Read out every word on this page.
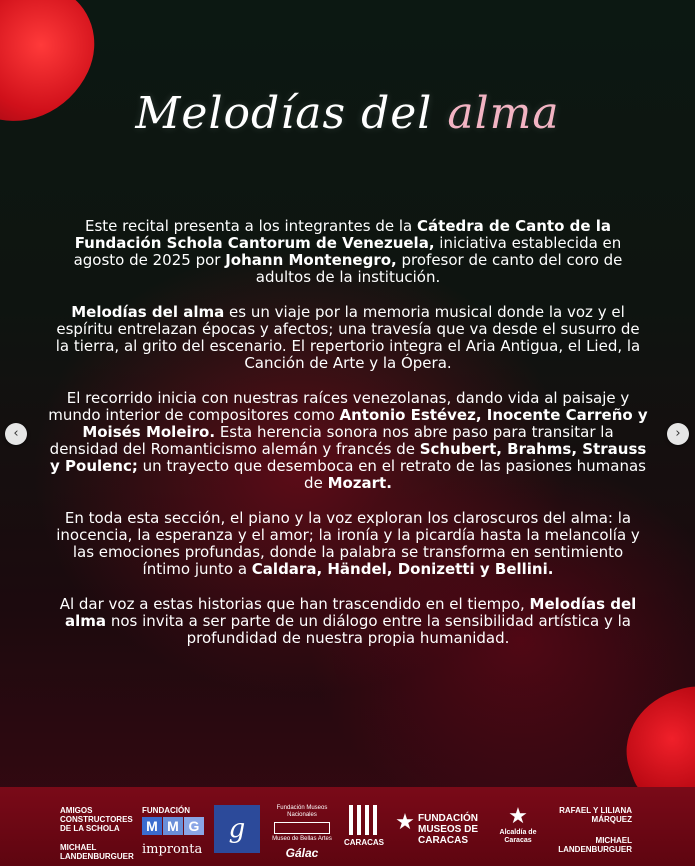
Melodías del alma

Este recital presenta a los integrantes de la Cátedra de Canto de la Fundación Schola Cantorum de Venezuela, iniciativa establecida en agosto de 2025 por Johann Montenegro, profesor de canto del coro de adultos de la institución.

Melodías del alma es un viaje por la memoria musical donde la voz y el espíritu entrelazan épocas y afectos; una travesía que va desde el susurro de la tierra, al grito del escenario. El repertorio integra el Aria Antigua, el Lied, la Canción de Arte y la Ópera.

El recorrido inicia con nuestras raíces venezolanas, dando vida al paisaje y mundo interior de compositores como Antonio Estévez, Inocente Carreño y Moisés Moleiro. Esta herencia sonora nos abre paso para transitar la densidad del Romanticismo alemán y francés de Schubert, Brahms, Strauss y Poulenc; un trayecto que desemboca en el retrato de las pasiones humanas de Mozart.

En toda esta sección, el piano y la voz exploran los claroscuros del alma: la inocencia, la esperanza y el amor; la ironía y la picardía hasta la melancolía y las emociones profundas, donde la palabra se transforma en sentimiento íntimo junto a Caldara, Händel, Donizetti y Bellini.

Al dar voz a estas historias que han trascendido en el tiempo, Melodías del alma nos invita a ser parte de un diálogo entre la sensibilidad artística y la profundidad de nuestra propia humanidad.

‹	›
AMIGOS CONSTRUCTORES DE LA SCHOLA
MICHAEL LANDENBURGUER
FUNDACIÓN
M M G
impronta
g
Fundación Museos Nacionales
Museo de Bellas Artes
Gálac
CARACAS
★ FUNDACIÓN MUSEOS DE CARACAS
★
Alcaldía de Caracas
RAFAEL Y LILIANA MÁRQUEZ
MICHAEL LANDENBURGUER
